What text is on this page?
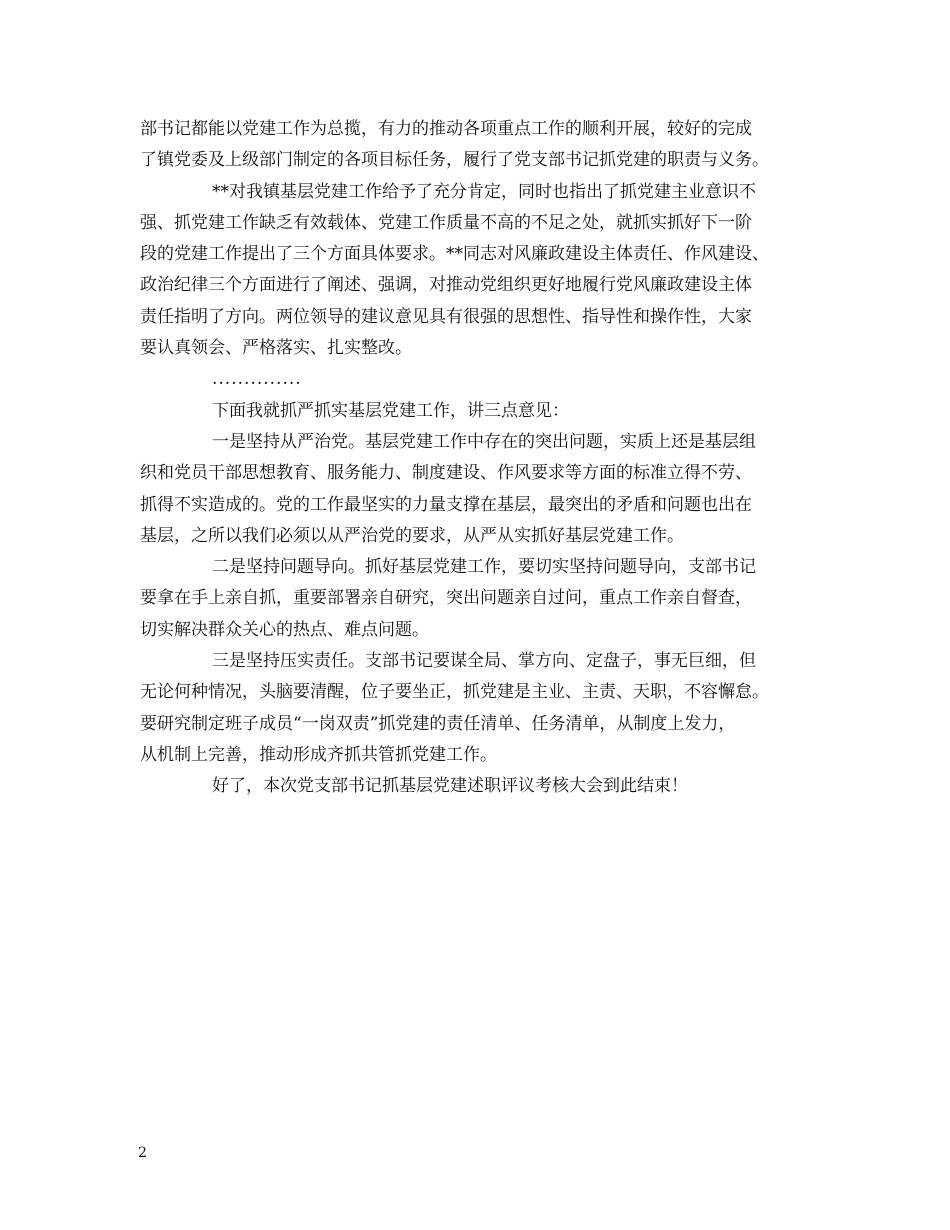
部书记都能以党建工作为总揽，有力的推动各项重点工作的顺利开展，较好的完成
了镇党委及上级部门制定的各项目标任务，履行了党支部书记抓党建的职责与义务。
**对我镇基层党建工作给予了充分肯定，同时也指出了抓党建主业意识不
强、抓党建工作缺乏有效载体、党建工作质量不高的不足之处，就抓实抓好下一阶
段的党建工作提出了三个方面具体要求。**同志对风廉政建设主体责任、作风建设、
政治纪律三个方面进行了阐述、强调，对推动党组织更好地履行党风廉政建设主体
责任指明了方向。两位领导的建议意见具有很强的思想性、指导性和操作性，大家
要认真领会、严格落实、扎实整改。
..............
下面我就抓严抓实基层党建工作，讲三点意见：
一是坚持从严治党。基层党建工作中存在的突出问题，实质上还是基层组
织和党员干部思想教育、服务能力、制度建设、作风要求等方面的标准立得不劳、
抓得不实造成的。党的工作最坚实的力量支撑在基层，最突出的矛盾和问题也出在
基层，之所以我们必须以从严治党的要求，从严从实抓好基层党建工作。
二是坚持问题导向。抓好基层党建工作，要切实坚持问题导向，支部书记
要拿在手上亲自抓，重要部署亲自研究，突出问题亲自过问，重点工作亲自督查，
切实解决群众关心的热点、难点问题。
三是坚持压实责任。支部书记要谋全局、掌方向、定盘子，事无巨细，但
无论何种情况，头脑要清醒，位子要坐正，抓党建是主业、主责、天职，不容懈怠。
要研究制定班子成员“一岗双责”抓党建的责任清单、任务清单，从制度上发力，
从机制上完善，推动形成齐抓共管抓党建工作。
好了，本次党支部书记抓基层党建述职评议考核大会到此结束！
2
